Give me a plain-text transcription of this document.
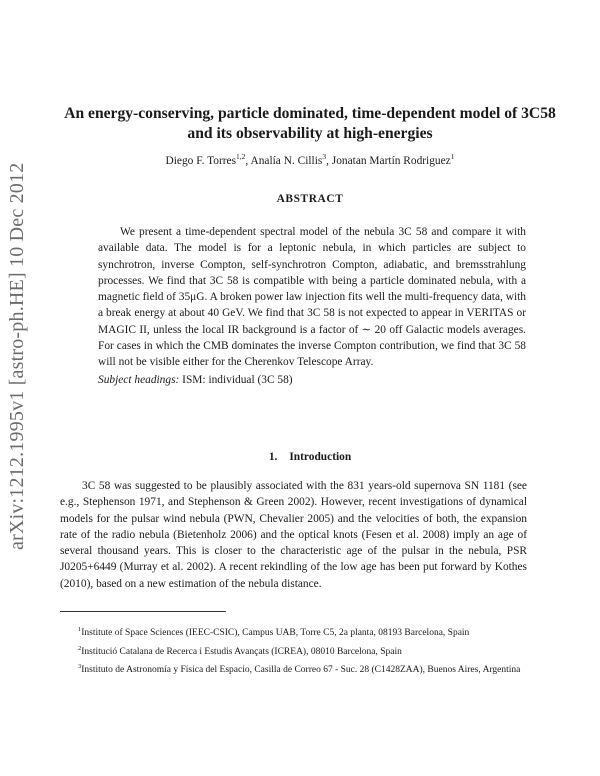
arXiv:1212.1995v1 [astro-ph.HE] 10 Dec 2012
An energy-conserving, particle dominated, time-dependent model of 3C58 and its observability at high-energies
Diego F. Torres$^{1,2}$, Analía N. Cillis$^3$, Jonatan Martín Rodriguez$^1$
ABSTRACT

We present a time-dependent spectral model of the nebula 3C 58 and compare it with available data. The model is for a leptonic nebula, in which particles are subject to synchrotron, inverse Compton, self-synchrotron Compton, adiabatic, and bremsstrahlung processes. We find that 3C 58 is compatible with being a particle dominated nebula, with a magnetic field of 35μG. A broken power law injection fits well the multi-frequency data, with a break energy at about 40 GeV. We find that 3C 58 is not expected to appear in VERITAS or MAGIC II, unless the local IR background is a factor of ∼ 20 off Galactic models averages. For cases in which the CMB dominates the inverse Compton contribution, we find that 3C 58 will not be visible either for the Cherenkov Telescope Array.

Subject headings: ISM: individual (3C 58)
1. Introduction

3C 58 was suggested to be plausibly associated with the 831 years-old supernova SN 1181 (see e.g., Stephenson 1971, and Stephenson & Green 2002). However, recent investigations of dynamical models for the pulsar wind nebula (PWN, Chevalier 2005) and the velocities of both, the expansion rate of the radio nebula (Bietenholz 2006) and the optical knots (Fesen et al. 2008) imply an age of several thousand years. This is closer to the characteristic age of the pulsar in the nebula, PSR J0205+6449 (Murray et al. 2002). A recent rekindling of the low age has been put forward by Kothes (2010), based on a new estimation of the nebula distance.

$^1$Institute of Space Sciences (IEEC-CSIC), Campus UAB, Torre C5, 2a planta, 08193 Barcelona, Spain

$^2$Institució Catalana de Recerca i Estudis Avançats (ICREA), 08010 Barcelona, Spain

$^3$Instituto de Astronomía y Física del Espacio, Casilla de Correo 67 - Suc. 28 (C1428ZAA), Buenos Aires, Argentina
